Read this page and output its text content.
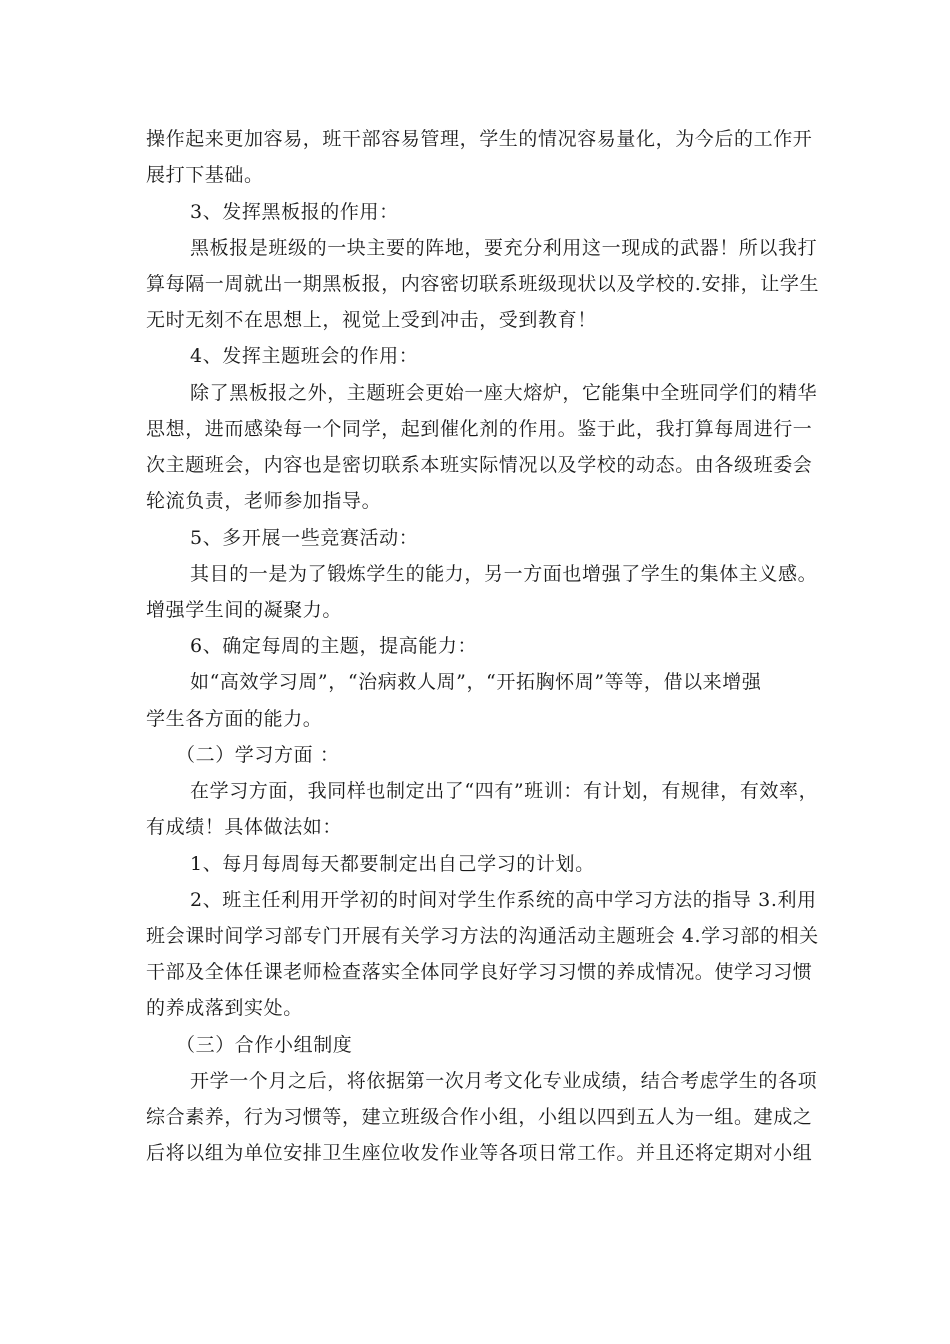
操作起来更加容易，班干部容易管理，学生的情况容易量化，为今后的工作开
展打下基础。
3、发挥黑板报的作用：
黑板报是班级的一块主要的阵地，要充分利用这一现成的武器！所以我打
算每隔一周就出一期黑板报，内容密切联系班级现状以及学校的.安排，让学生
无时无刻不在思想上，视觉上受到冲击，受到教育！
4、发挥主题班会的作用：
除了黑板报之外，主题班会更始一座大熔炉，它能集中全班同学们的精华
思想，进而感染每一个同学，起到催化剂的作用。鉴于此，我打算每周进行一
次主题班会，内容也是密切联系本班实际情况以及学校的动态。由各级班委会
轮流负责，老师参加指导。
5、多开展一些竞赛活动：
其目的一是为了锻炼学生的能力，另一方面也增强了学生的集体主义感。
增强学生间的凝聚力。
6、确定每周的主题，提高能力：
如“高效学习周”，“治病救人周”，“开拓胸怀周”等等，借以来增强
学生各方面的能力。
（二）学习方面 ：
在学习方面，我同样也制定出了“四有”班训：有计划，有规律，有效率，
有成绩！具体做法如：
1、每月每周每天都要制定出自己学习的计划。
2、班主任利用开学初的时间对学生作系统的高中学习方法的指导 3.利用
班会课时间学习部专门开展有关学习方法的沟通活动主题班会 4.学习部的相关
干部及全体任课老师检查落实全体同学良好学习习惯的养成情况。使学习习惯
的养成落到实处。
（三）合作小组制度
开学一个月之后，将依据第一次月考文化专业成绩，结合考虑学生的各项
综合素养，行为习惯等，建立班级合作小组，小组以四到五人为一组。建成之
后将以组为单位安排卫生座位收发作业等各项日常工作。并且还将定期对小组
